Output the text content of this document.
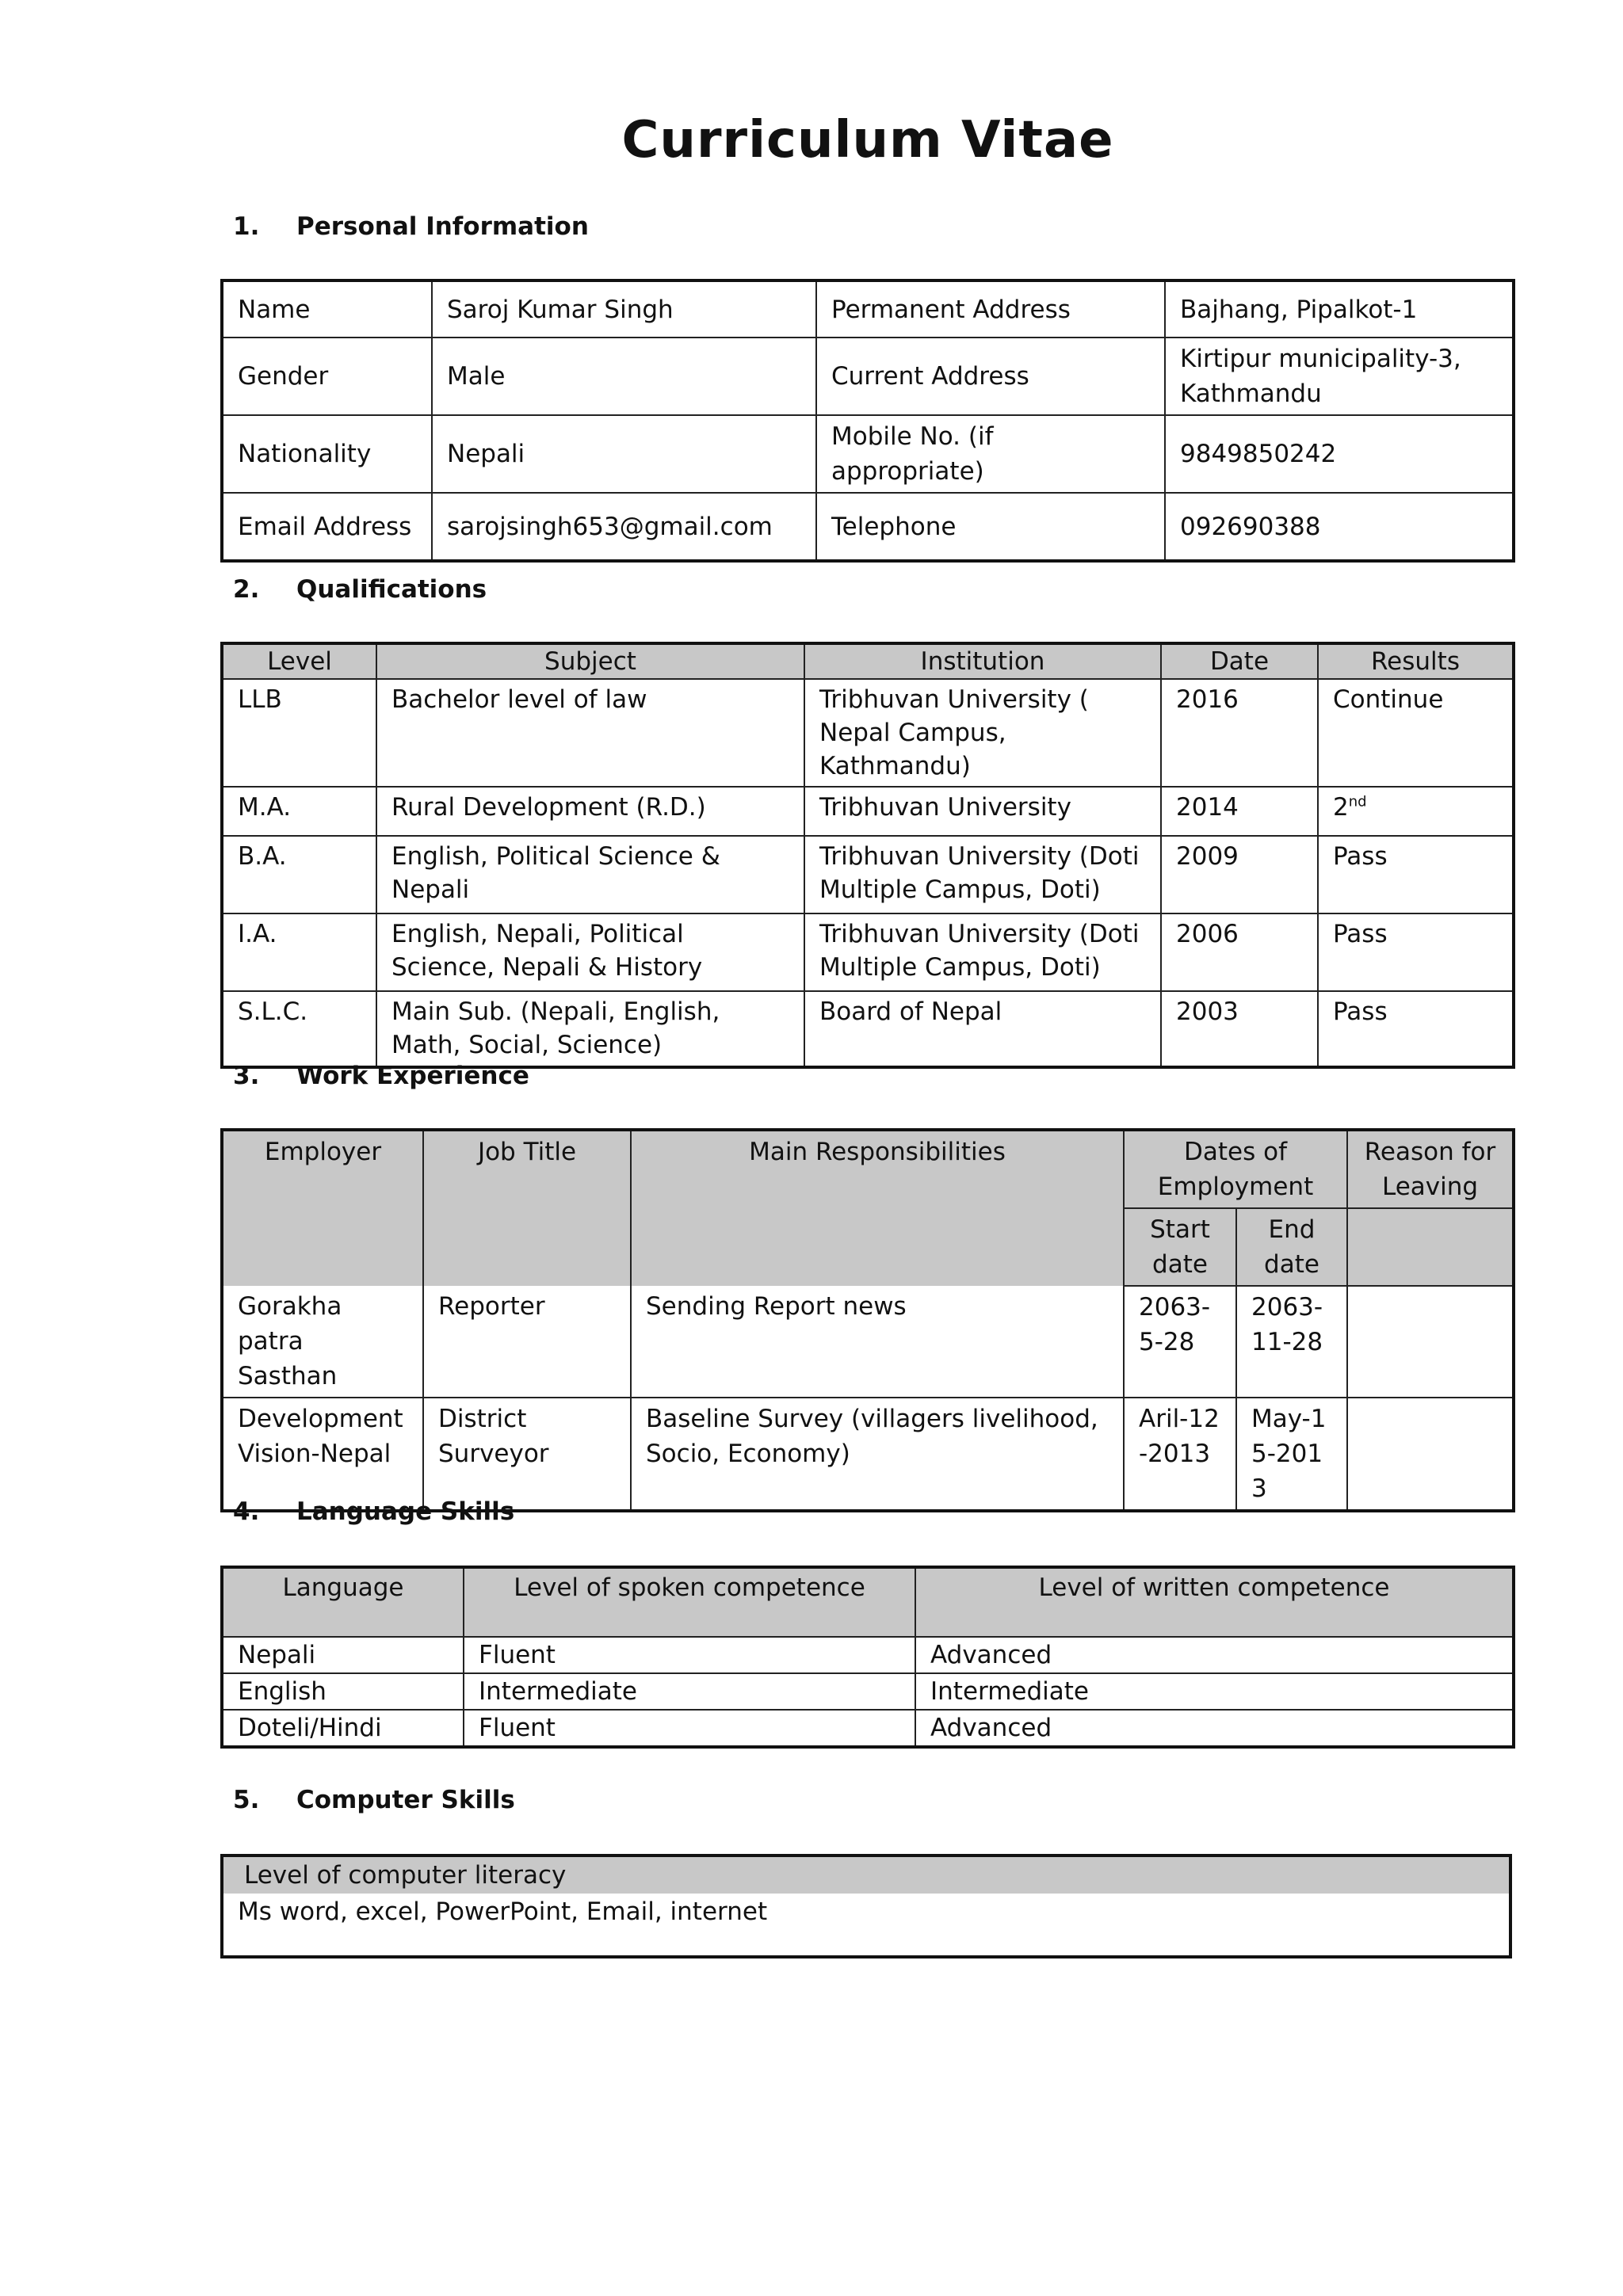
Curriculum Vitae
1. Personal Information
Name	Saroj Kumar Singh	Permanent Address	Bajhang, Pipalkot-1
Gender	Male	Current Address	Kirtipur municipality-3, Kathmandu
Nationality	Nepali	Mobile No. (if appropriate)	9849850242
Email Address	sarojsingh653@gmail.com	Telephone	092690388
2. Qualifications
Level	Subject	Institution	Date	Results
LLB	Bachelor level of law	Tribhuvan University ( Nepal Campus, Kathmandu)	2016	Continue
M.A.	Rural Development (R.D.)	Tribhuvan University	2014	2nd
B.A.	English, Political Science & Nepali	Tribhuvan University (Doti Multiple Campus, Doti)	2009	Pass
I.A.	English, Nepali, Political Science, Nepali & History	Tribhuvan University (Doti Multiple Campus, Doti)	2006	Pass
S.L.C.	Main Sub. (Nepali, English, Math, Social, Science)	Board of Nepal	2003	Pass
3. Work Experience
Employer	Job Title	Main Responsibilities	Dates of Employment		Reason for Leaving
			Start date	End date	
Gorakha patra Sasthan	Reporter	Sending Report news	2063-5-28	2063-11-28	
Development Vision-Nepal	District Surveyor	Baseline Survey (villagers livelihood, Socio, Economy)	Aril-12-2013	May-15-2013	
4. Language Skills
Language	Level of spoken competence	Level of written competence
Nepali	Fluent	Advanced
English	Intermediate	Intermediate
Doteli/Hindi	Fluent	Advanced
5. Computer Skills
Level of computer literacy
Ms word, excel, PowerPoint, Email, internet
